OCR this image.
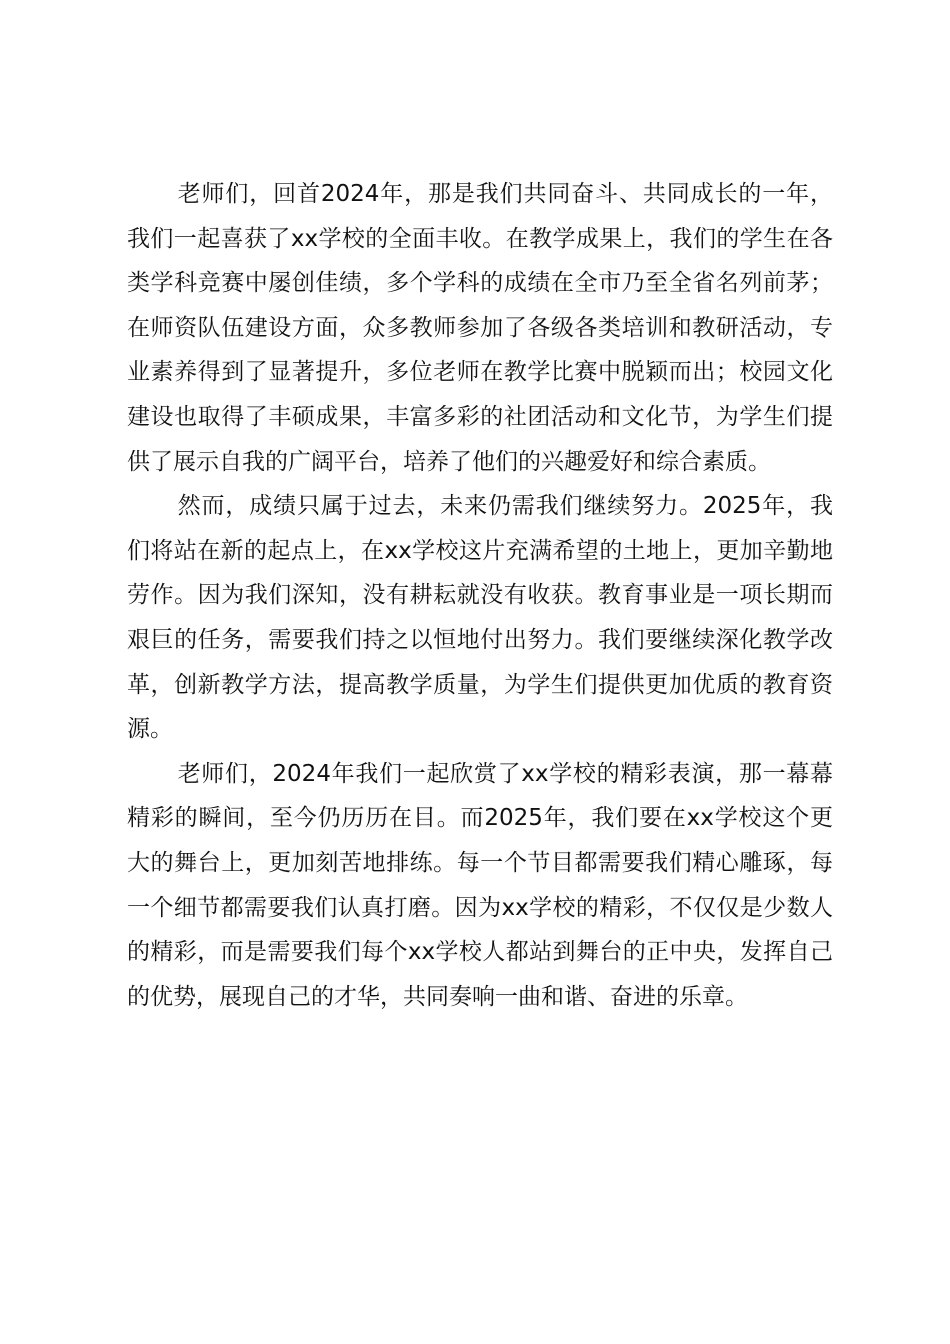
老师们，回首2024年，那是我们共同奋斗、共同成长的一年，我们一起喜获了xx学校的全面丰收。在教学成果上，我们的学生在各类学科竞赛中屡创佳绩，多个学科的成绩在全市乃至全省名列前茅；在师资队伍建设方面，众多教师参加了各级各类培训和教研活动，专业素养得到了显著提升，多位老师在教学比赛中脱颖而出；校园文化建设也取得了丰硕成果，丰富多彩的社团活动和文化节，为学生们提供了展示自我的广阔平台，培养了他们的兴趣爱好和综合素质。

然而，成绩只属于过去，未来仍需我们继续努力。2025年，我们将站在新的起点上，在xx学校这片充满希望的土地上，更加辛勤地劳作。因为我们深知，没有耕耘就没有收获。教育事业是一项长期而艰巨的任务，需要我们持之以恒地付出努力。我们要继续深化教学改革，创新教学方法，提高教学质量，为学生们提供更加优质的教育资源。

老师们，2024年我们一起欣赏了xx学校的精彩表演，那一幕幕精彩的瞬间，至今仍历历在目。而2025年，我们要在xx学校这个更大的舞台上，更加刻苦地排练。每一个节目都需要我们精心雕琢，每一个细节都需要我们认真打磨。因为xx学校的精彩，不仅仅是少数人的精彩，而是需要我们每个xx学校人都站到舞台的正中央，发挥自己的优势，展现自己的才华，共同奏响一曲和谐、奋进的乐章。
